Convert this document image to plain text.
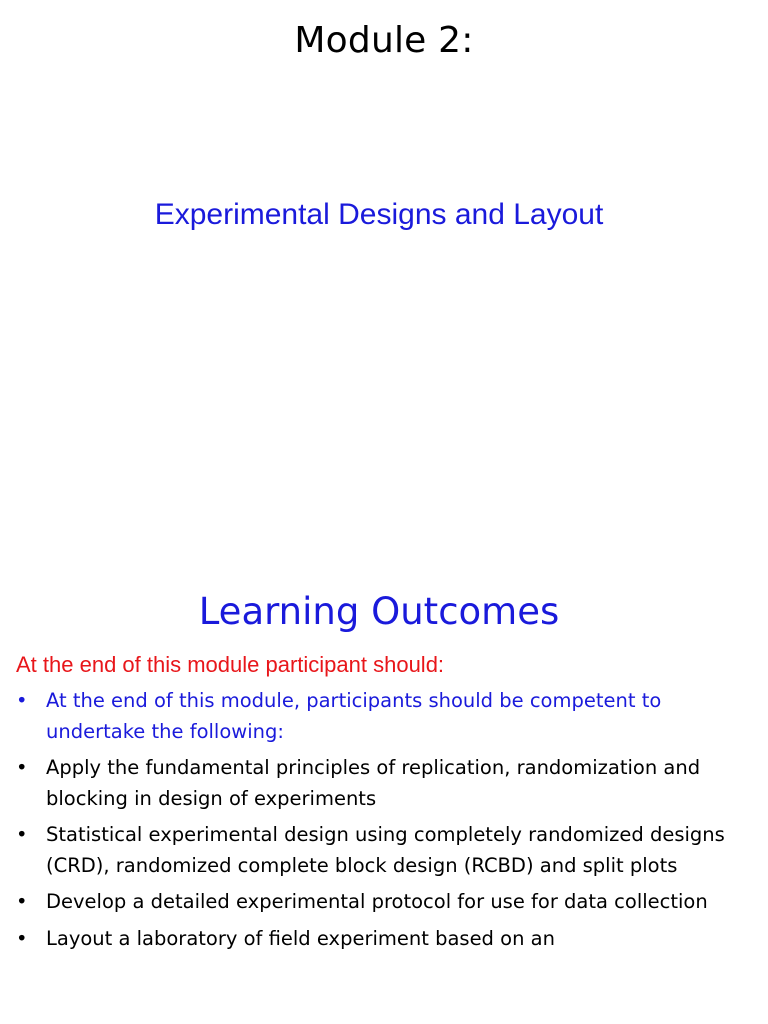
Module 2:
Experimental Designs and Layout
Learning Outcomes
At the end of this module participant should:
• At the end of this module, participants should be competent to undertake the following:
• Apply the fundamental principles of replication, randomization and blocking in design of experiments
• Statistical experimental design using completely randomized designs (CRD), randomized complete block design (RCBD) and split plots
• Develop a detailed experimental protocol for use for data collection
• Layout a laboratory of field experiment based on an
